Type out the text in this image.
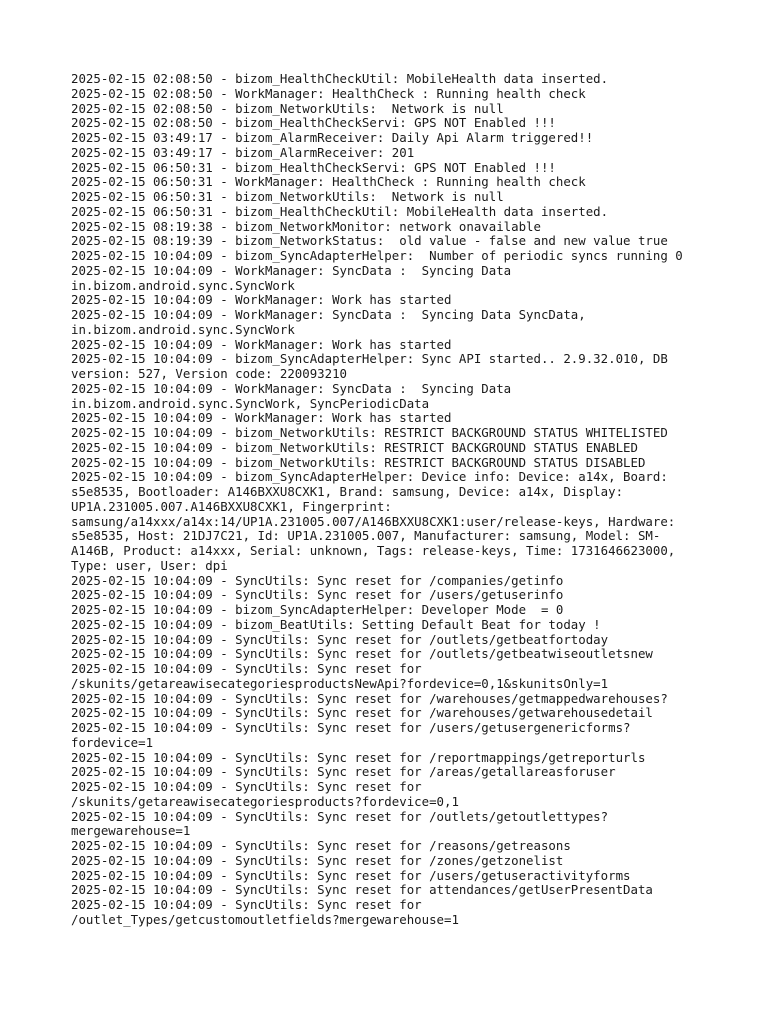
2025-02-15 02:08:50 - bizom_HealthCheckUtil: MobileHealth data inserted.
2025-02-15 02:08:50 - WorkManager: HealthCheck : Running health check
2025-02-15 02:08:50 - bizom_NetworkUtils:  Network is null
2025-02-15 02:08:50 - bizom_HealthCheckServi: GPS NOT Enabled !!!
2025-02-15 03:49:17 - bizom_AlarmReceiver: Daily Api Alarm triggered!!
2025-02-15 03:49:17 - bizom_AlarmReceiver: 201
2025-02-15 06:50:31 - bizom_HealthCheckServi: GPS NOT Enabled !!!
2025-02-15 06:50:31 - WorkManager: HealthCheck : Running health check
2025-02-15 06:50:31 - bizom_NetworkUtils:  Network is null
2025-02-15 06:50:31 - bizom_HealthCheckUtil: MobileHealth data inserted.
2025-02-15 08:19:38 - bizom_NetworkMonitor: network onavailable
2025-02-15 08:19:39 - bizom_NetworkStatus:  old value - false and new value true
2025-02-15 10:04:09 - bizom_SyncAdapterHelper:  Number of periodic syncs running 0
2025-02-15 10:04:09 - WorkManager: SyncData :  Syncing Data
in.bizom.android.sync.SyncWork
2025-02-15 10:04:09 - WorkManager: Work has started
2025-02-15 10:04:09 - WorkManager: SyncData :  Syncing Data SyncData,
in.bizom.android.sync.SyncWork
2025-02-15 10:04:09 - WorkManager: Work has started
2025-02-15 10:04:09 - bizom_SyncAdapterHelper: Sync API started.. 2.9.32.010, DB
version: 527, Version code: 220093210
2025-02-15 10:04:09 - WorkManager: SyncData :  Syncing Data
in.bizom.android.sync.SyncWork, SyncPeriodicData
2025-02-15 10:04:09 - WorkManager: Work has started
2025-02-15 10:04:09 - bizom_NetworkUtils: RESTRICT BACKGROUND STATUS WHITELISTED
2025-02-15 10:04:09 - bizom_NetworkUtils: RESTRICT BACKGROUND STATUS ENABLED
2025-02-15 10:04:09 - bizom_NetworkUtils: RESTRICT BACKGROUND STATUS DISABLED
2025-02-15 10:04:09 - bizom_SyncAdapterHelper: Device info: Device: a14x, Board:
s5e8535, Bootloader: A146BXXU8CXK1, Brand: samsung, Device: a14x, Display:
UP1A.231005.007.A146BXXU8CXK1, Fingerprint:
samsung/a14xxx/a14x:14/UP1A.231005.007/A146BXXU8CXK1:user/release-keys, Hardware:
s5e8535, Host: 21DJ7C21, Id: UP1A.231005.007, Manufacturer: samsung, Model: SM-
A146B, Product: a14xxx, Serial: unknown, Tags: release-keys, Time: 1731646623000,
Type: user, User: dpi
2025-02-15 10:04:09 - SyncUtils: Sync reset for /companies/getinfo
2025-02-15 10:04:09 - SyncUtils: Sync reset for /users/getuserinfo
2025-02-15 10:04:09 - bizom_SyncAdapterHelper: Developer Mode  = 0
2025-02-15 10:04:09 - bizom_BeatUtils: Setting Default Beat for today !
2025-02-15 10:04:09 - SyncUtils: Sync reset for /outlets/getbeatfortoday
2025-02-15 10:04:09 - SyncUtils: Sync reset for /outlets/getbeatwiseoutletsnew
2025-02-15 10:04:09 - SyncUtils: Sync reset for
/skunits/getareawisecategoriesproductsNewApi?fordevice=0,1&skunitsOnly=1
2025-02-15 10:04:09 - SyncUtils: Sync reset for /warehouses/getmappedwarehouses?
2025-02-15 10:04:09 - SyncUtils: Sync reset for /warehouses/getwarehousedetail
2025-02-15 10:04:09 - SyncUtils: Sync reset for /users/getusergenericforms?
fordevice=1
2025-02-15 10:04:09 - SyncUtils: Sync reset for /reportmappings/getreporturls
2025-02-15 10:04:09 - SyncUtils: Sync reset for /areas/getallareasforuser
2025-02-15 10:04:09 - SyncUtils: Sync reset for
/skunits/getareawisecategoriesproducts?fordevice=0,1
2025-02-15 10:04:09 - SyncUtils: Sync reset for /outlets/getoutlettypes?
mergewarehouse=1
2025-02-15 10:04:09 - SyncUtils: Sync reset for /reasons/getreasons
2025-02-15 10:04:09 - SyncUtils: Sync reset for /zones/getzonelist
2025-02-15 10:04:09 - SyncUtils: Sync reset for /users/getuseractivityforms
2025-02-15 10:04:09 - SyncUtils: Sync reset for attendances/getUserPresentData
2025-02-15 10:04:09 - SyncUtils: Sync reset for
/outlet_Types/getcustomoutletfields?mergewarehouse=1
